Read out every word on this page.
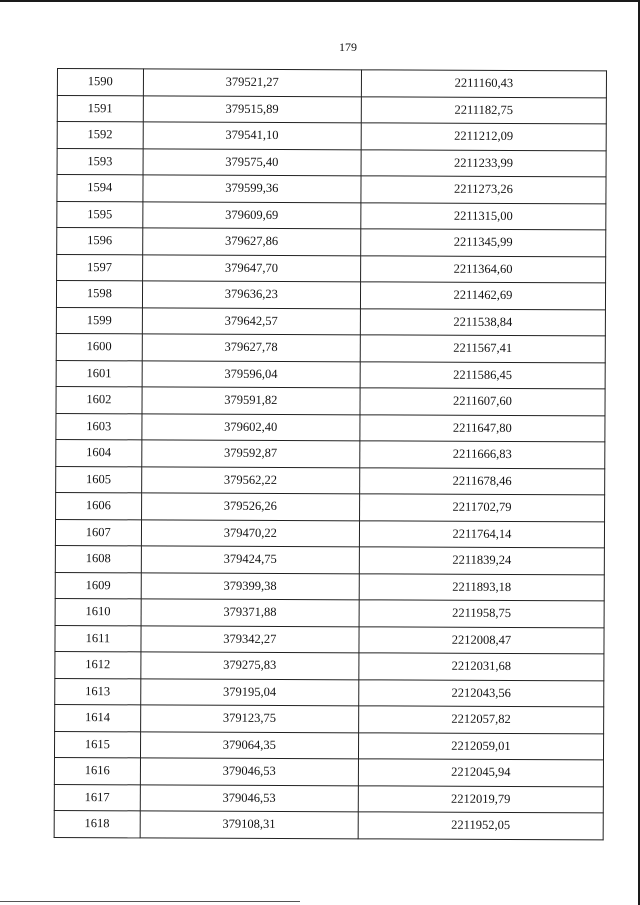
179
1590	379521,27	2211160,43
1591	379515,89	2211182,75
1592	379541,10	2211212,09
1593	379575,40	2211233,99
1594	379599,36	2211273,26
1595	379609,69	2211315,00
1596	379627,86	2211345,99
1597	379647,70	2211364,60
1598	379636,23	2211462,69
1599	379642,57	2211538,84
1600	379627,78	2211567,41
1601	379596,04	2211586,45
1602	379591,82	2211607,60
1603	379602,40	2211647,80
1604	379592,87	2211666,83
1605	379562,22	2211678,46
1606	379526,26	2211702,79
1607	379470,22	2211764,14
1608	379424,75	2211839,24
1609	379399,38	2211893,18
1610	379371,88	2211958,75
1611	379342,27	2212008,47
1612	379275,83	2212031,68
1613	379195,04	2212043,56
1614	379123,75	2212057,82
1615	379064,35	2212059,01
1616	379046,53	2212045,94
1617	379046,53	2212019,79
1618	379108,31	2211952,05
